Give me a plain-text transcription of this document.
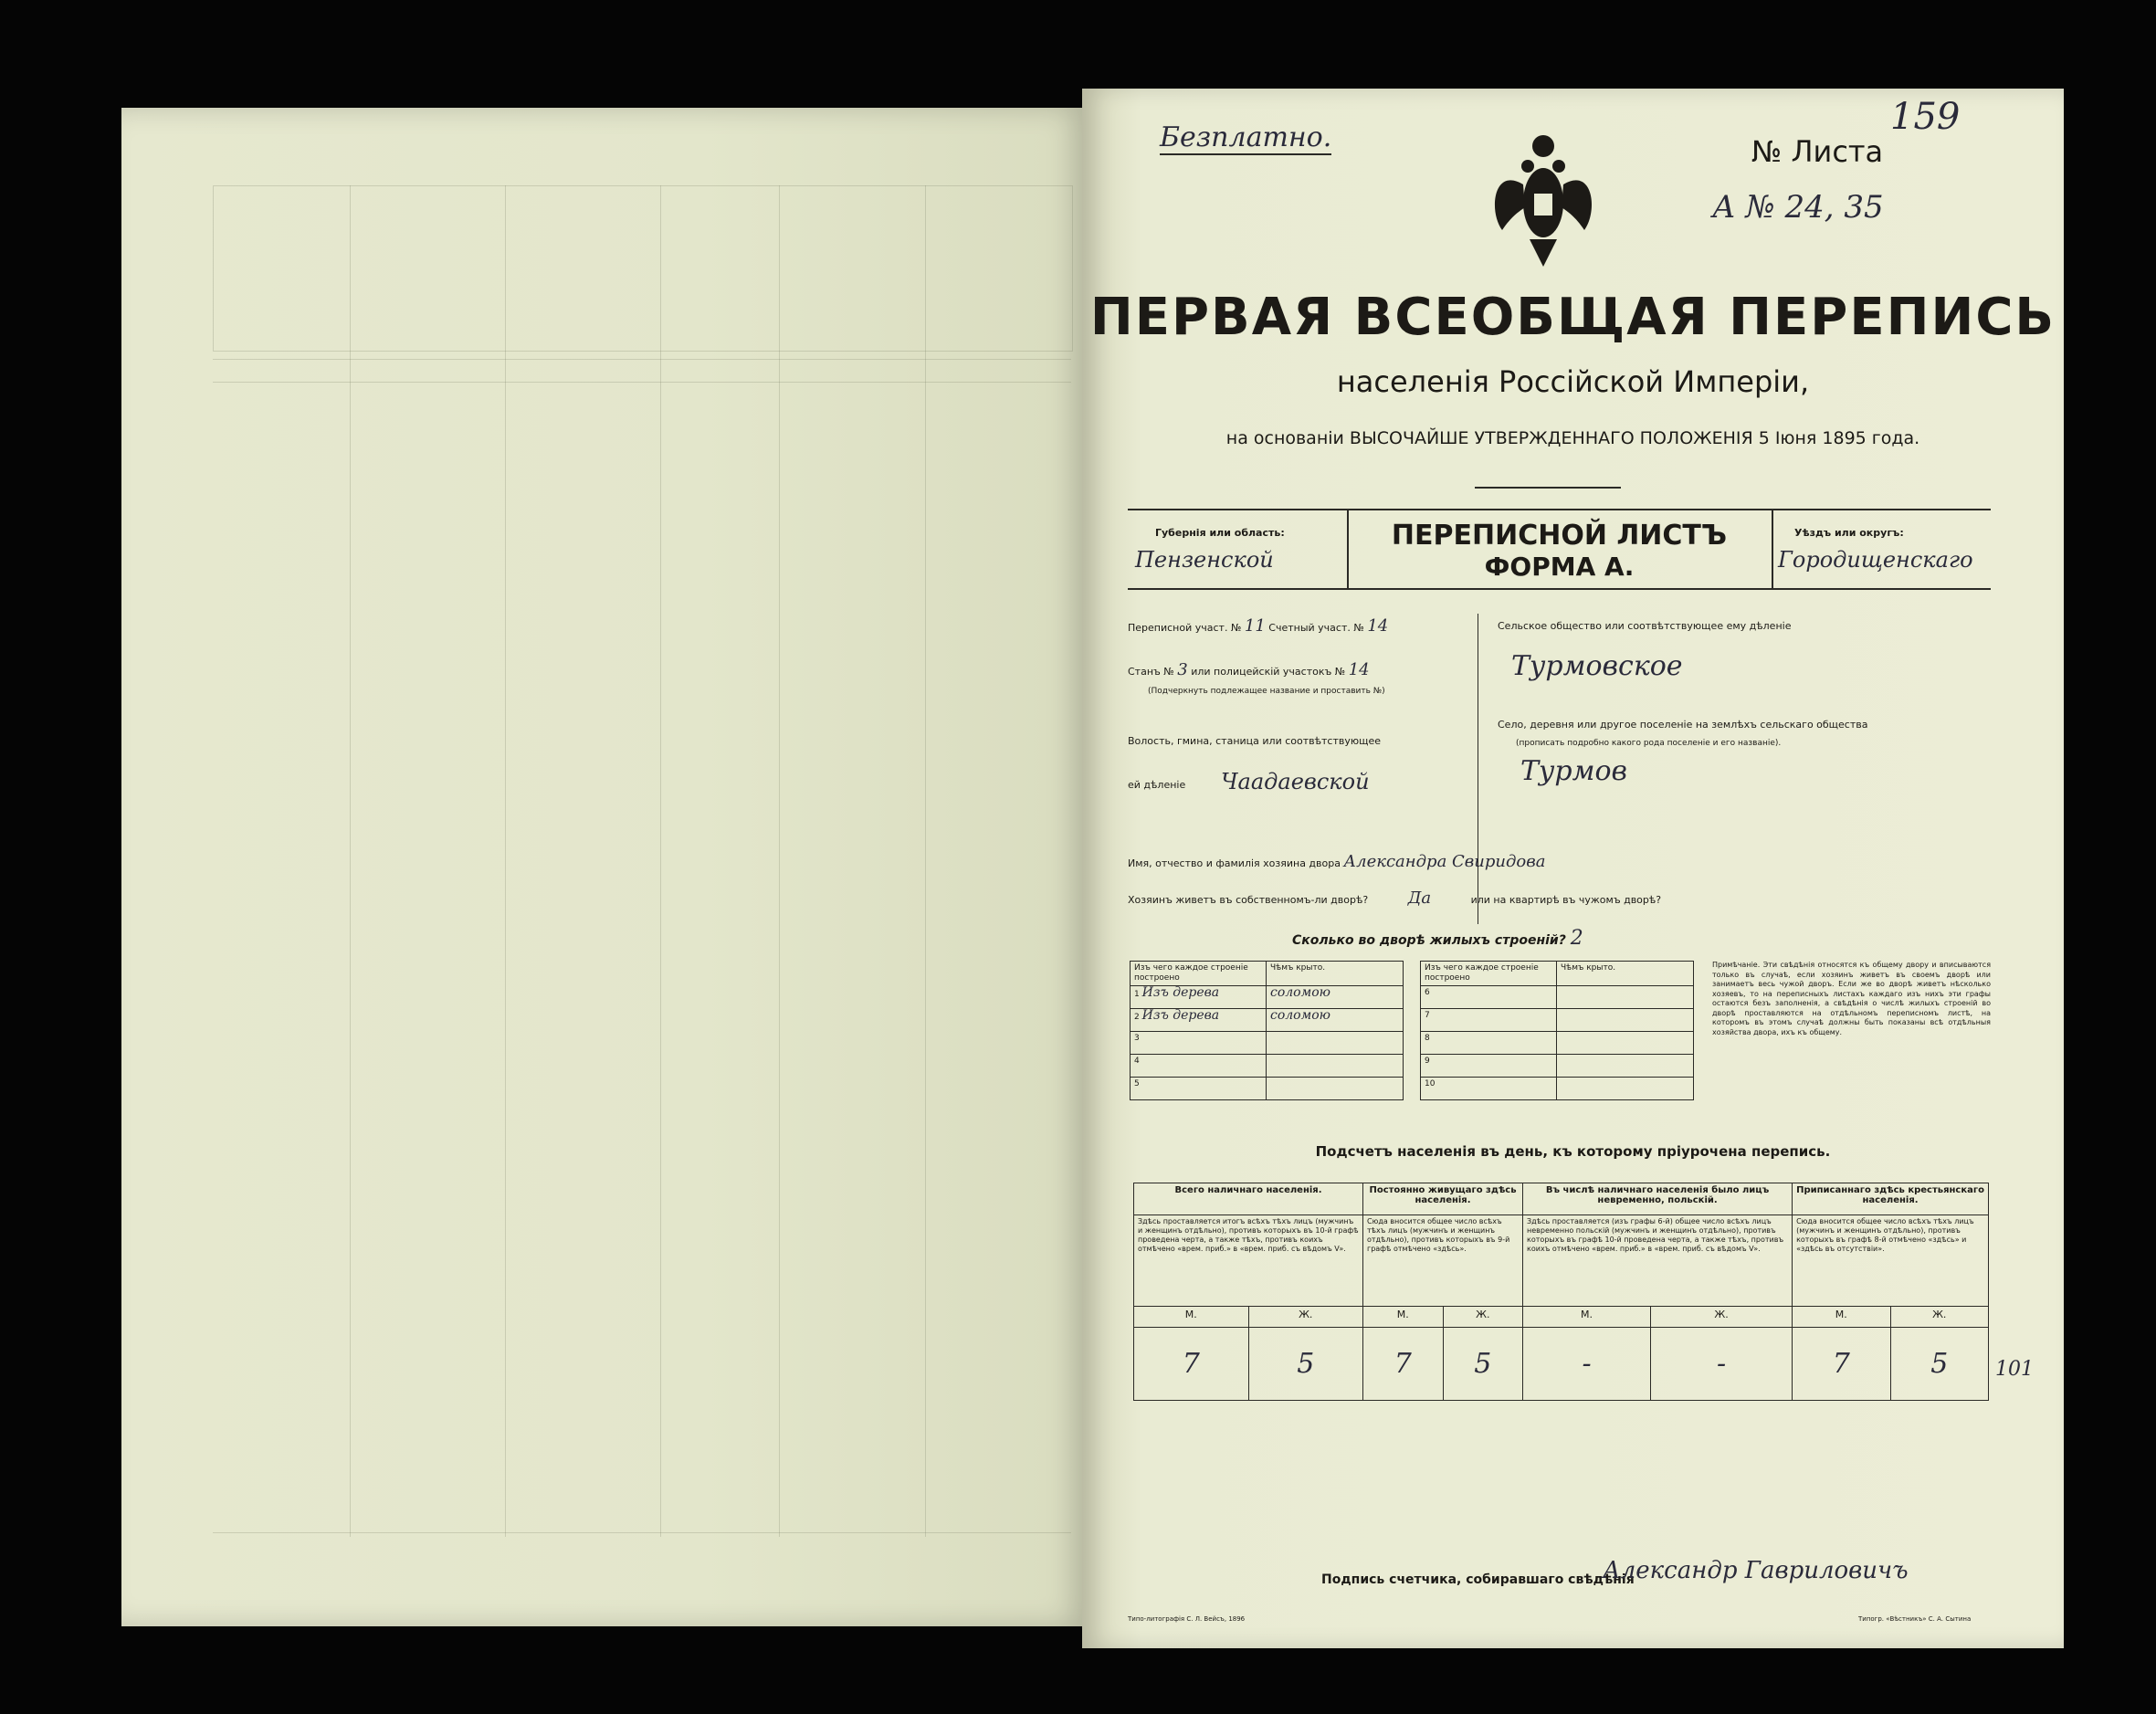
Безплатно.	№ Листа
159
А № 24, 35
ПЕРВАЯ ВСЕОБЩАЯ ПЕРЕПИСЬ
населенія Россійской Имперіи,
на основаніи ВЫСОЧАЙШЕ УТВЕРЖДЕННАГО ПОЛОЖЕНІЯ 5 Іюня 1895 года.
Губернія или область:
Пензенской
ПЕРЕПИСНОЙ ЛИСТЪ
ФОРМА А.
Уѣздъ или округъ:
Городищенскаго
Переписной участ. № 11 Счетный участ. № 14
Станъ № 3 или полицейскій участокъ № 14
(Подчеркнуть подлежащее название и проставить №)
Волость, гмина, станица или соотвѣтствующее
ей дѣленіе Чаадаевской
Сельское общество или соотвѣтствующее ему дѣленіе
Турмовское
Село, деревня или другое поселеніе на землѣхъ сельскаго общества
(прописать подробно какого рода поселеніе и его названіе).
Турмов
Имя, отчество и фамилія хозяина двора Александра Свиридова
Хозяинъ живетъ въ собственномъ-ли дворѣ? Да	или на квартирѣ въ чужомъ дворѣ?
Сколько во дворѣ жилыхъ строеній? 2
Изъ чего каждое строеніе построено	Чѣмъ крыто.
1 Изъ дерева	соломою
2 Изъ дерева	соломою
3	
4	
5	
Изъ чего каждое строеніе построено	Чѣмъ крыто.
6	
7	
8	
9	
10	
Примѣчаніе. Эти свѣдѣнія относятся къ общему двору и вписываются только въ случаѣ, если хозяинъ живетъ въ своемъ дворѣ или занимаетъ весь чужой дворъ. Если же во дворѣ живетъ нѣсколько хозяевъ, то на переписныхъ листахъ каждаго изъ нихъ эти графы остаются безъ заполненія, а свѣдѣнія о числѣ жилыхъ строеній во дворѣ проставляются на отдѣльномъ переписномъ листѣ, на которомъ въ этомъ случаѣ должны быть показаны всѣ отдѣльныя хозяйства двора, ихъ къ общему.
Подсчетъ населенія въ день, къ которому пріурочена перепись.
Всего наличнаго населенія.		Постоянно живущаго здѣсь населенія.		Въ числѣ наличнаго населенія было лицъ невременно, польскій.		Приписаннаго здѣсь крестьянскаго населенія.	
Здѣсь проставляется итогъ всѣхъ тѣхъ лицъ (мужчинъ и женщинъ отдѣльно), противъ которыхъ въ 10-й графѣ проведена черта, а также тѣхъ, противъ коихъ отмѣчено «врем. приб.» в «врем. приб. съ вѣдомъ V».		Сюда вносится общее число всѣхъ тѣхъ лицъ (мужчинъ и женщинъ отдѣльно), противъ которыхъ въ 9-й графѣ отмѣчено «здѣсь».		Здѣсь проставляется (изъ графы 6-й) общее число всѣхъ лицъ невременно польскій (мужчинъ и женщинъ отдѣльно), противъ которыхъ въ графѣ 10-й проведена черта, а также тѣхъ, противъ коихъ отмѣчено «врем. приб.» в «врем. приб. съ вѣдомъ V».		Сюда вносится общее число всѣхъ тѣхъ лицъ (мужчинъ и женщинъ отдѣльно), противъ которыхъ въ графѣ 8-й отмѣчено «здѣсь» и «здѣсь въ отсутствіи».	
М.	Ж.	М.	Ж.	М.	Ж.	М.	Ж.
7	5	7	5	-	-	7	5 101
Подпись счетчика, собиравшаго свѣдѣнія
Александр Гавриловичъ
Типо-литографія С. Л. Вейсъ, 1896	Типогр. «Вѣстникъ» С. А. Сытина
